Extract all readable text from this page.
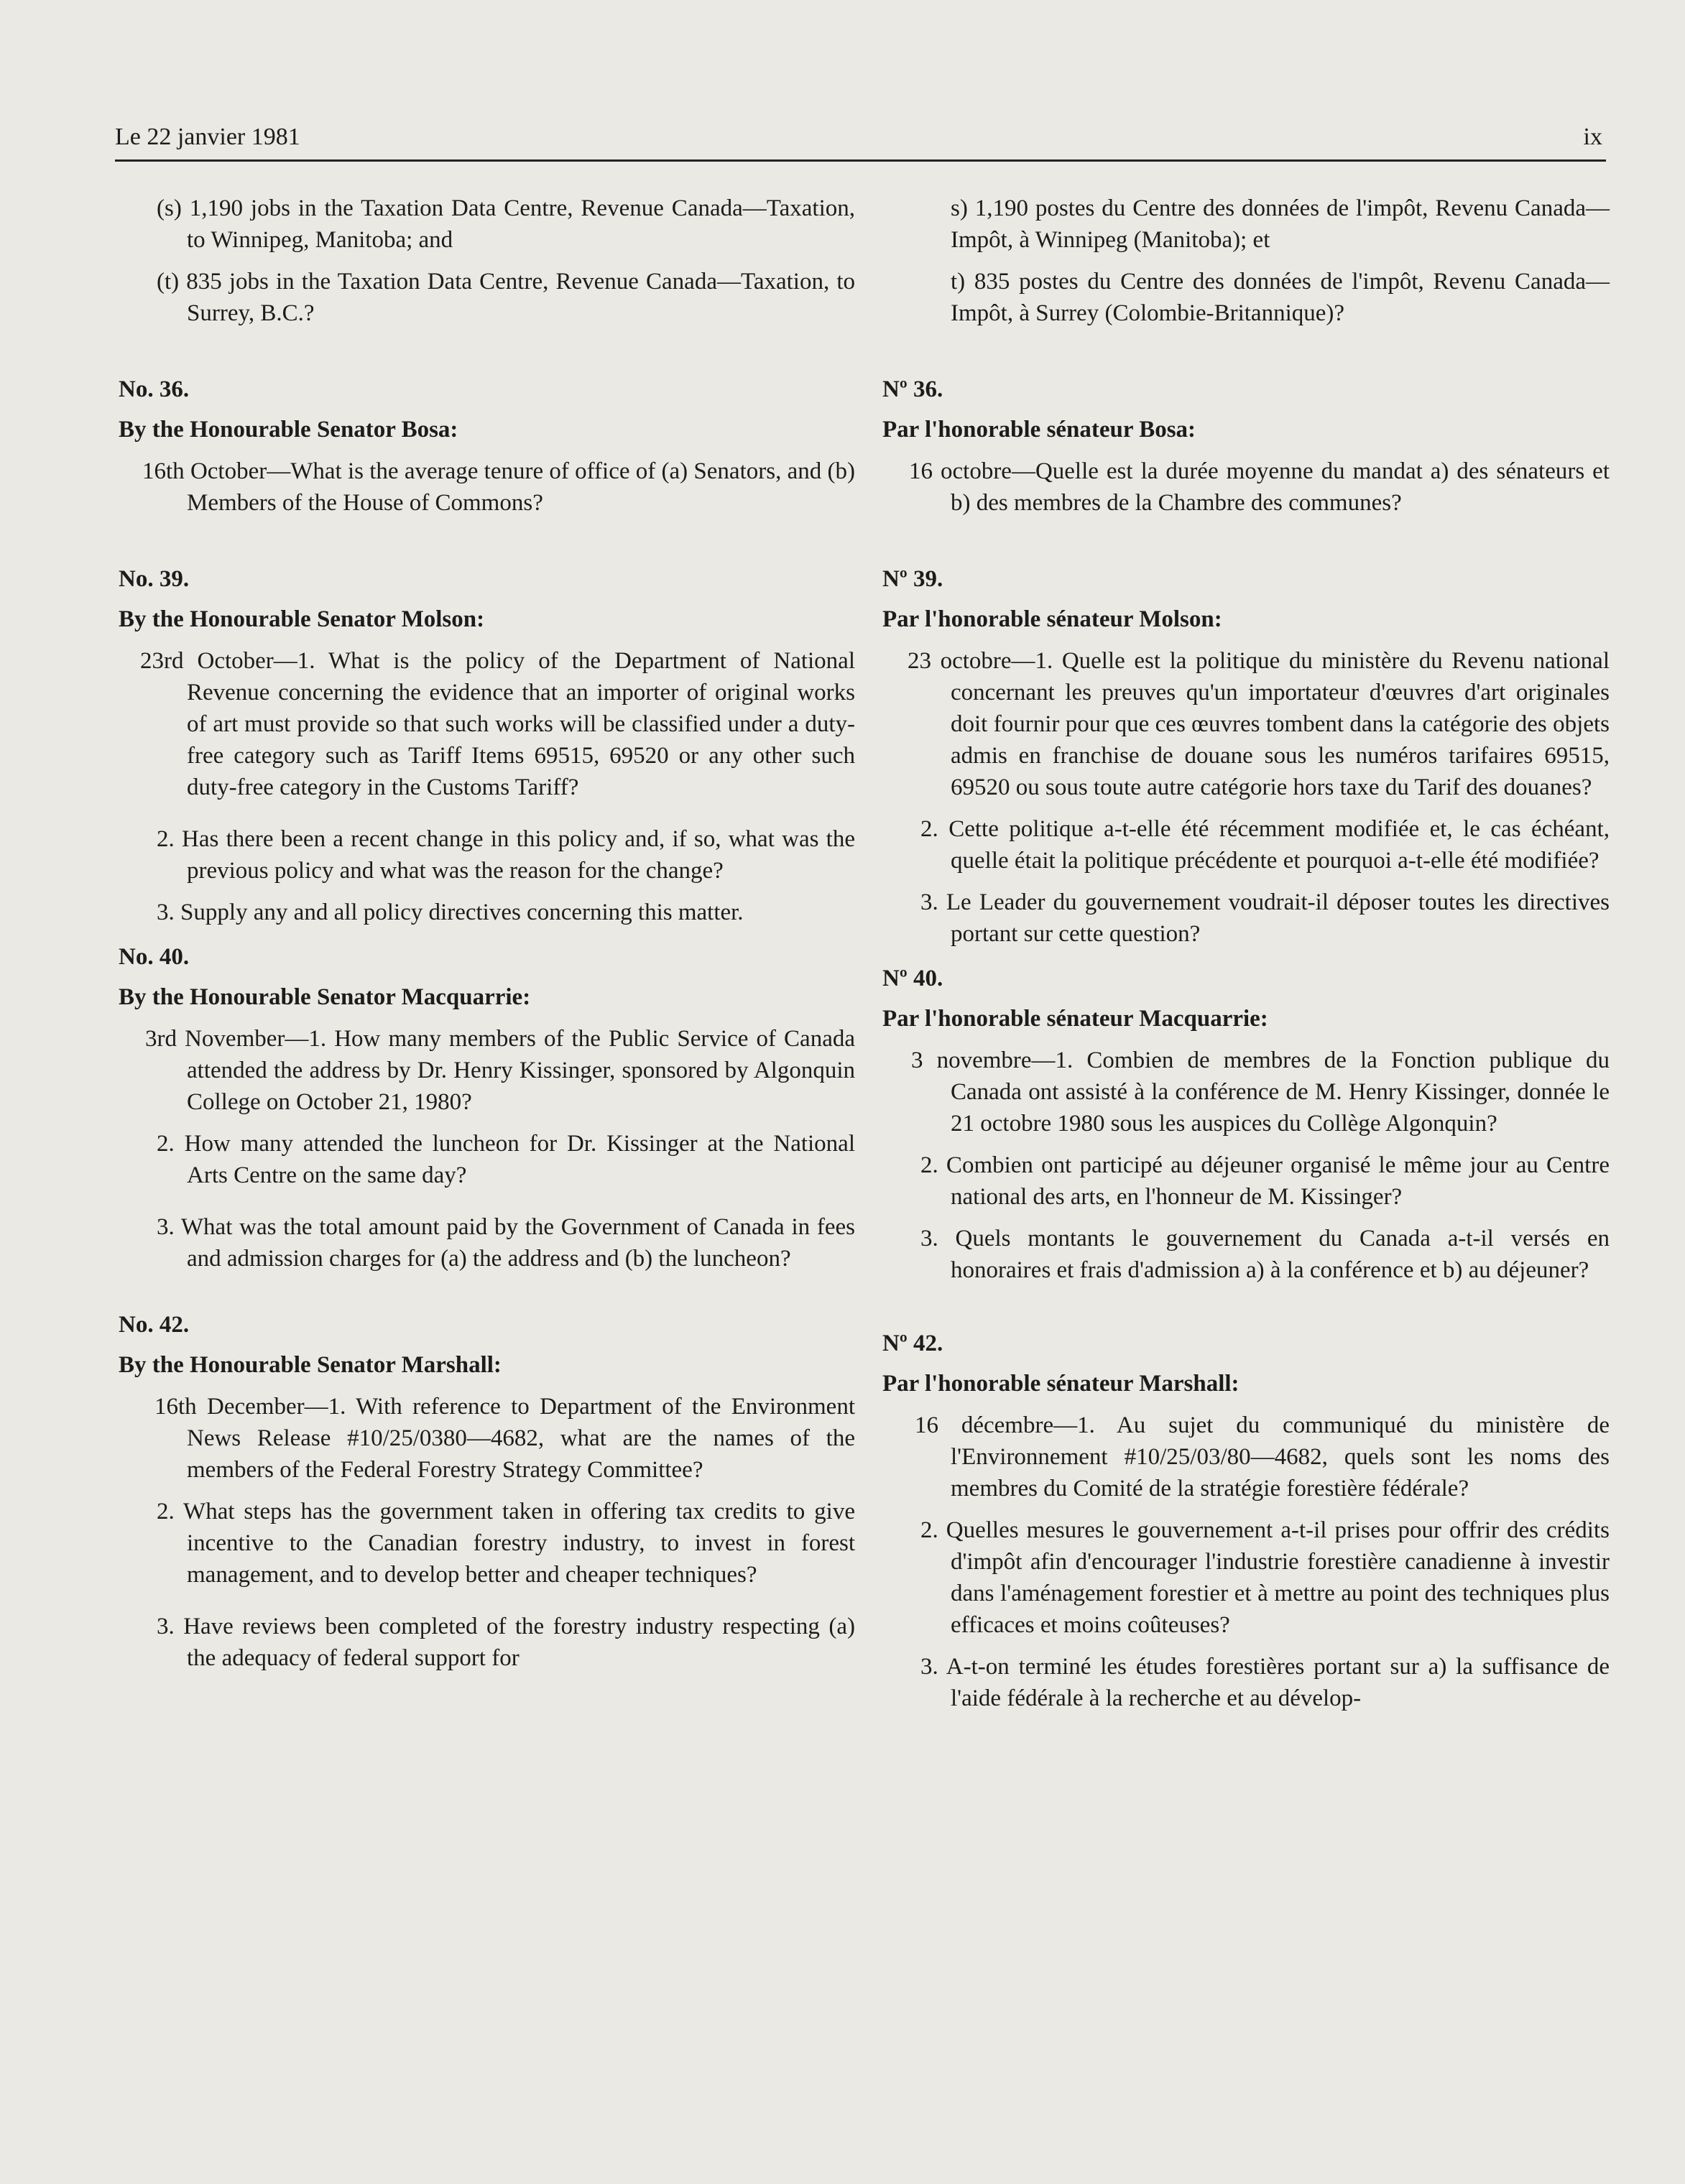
Le 22 janvier 1981	ix

(s) 1,190 jobs in the Taxation Data Centre, Revenue Canada—Taxation, to Winnipeg, Manitoba; and

(t) 835 jobs in the Taxation Data Centre, Revenue Canada—Taxation, to Surrey, B.C.?

No. 36.

By the Honourable Senator Bosa:

16th October—What is the average tenure of office of (a) Senators, and (b) Members of the House of Commons?

No. 39.

By the Honourable Senator Molson:

23rd October—1. What is the policy of the Department of National Revenue concerning the evidence that an importer of original works of art must provide so that such works will be classified under a duty-free category such as Tariff Items 69515, 69520 or any other such duty-free category in the Customs Tariff?

2. Has there been a recent change in this policy and, if so, what was the previous policy and what was the reason for the change?

3. Supply any and all policy directives concerning this matter.

No. 40.

By the Honourable Senator Macquarrie:

3rd November—1. How many members of the Public Service of Canada attended the address by Dr. Henry Kissinger, sponsored by Algonquin College on October 21, 1980?

2. How many attended the luncheon for Dr. Kissinger at the National Arts Centre on the same day?

3. What was the total amount paid by the Government of Canada in fees and admission charges for (a) the address and (b) the luncheon?

No. 42.

By the Honourable Senator Marshall:

16th December—1. With reference to Department of the Environment News Release #10/25/0380—4682, what are the names of the members of the Federal Forestry Strategy Committee?

2. What steps has the government taken in offering tax credits to give incentive to the Canadian forestry industry, to invest in forest management, and to develop better and cheaper techniques?

3. Have reviews been completed of the forestry industry respecting (a) the adequacy of federal support for

s) 1,190 postes du Centre des données de l'impôt, Revenu Canada—Impôt, à Winnipeg (Manitoba); et

t) 835 postes du Centre des données de l'impôt, Revenu Canada—Impôt, à Surrey (Colombie-Britannique)?

Nº 36.

Par l'honorable sénateur Bosa:

16 octobre—Quelle est la durée moyenne du mandat a) des sénateurs et b) des membres de la Chambre des communes?

Nº 39.

Par l'honorable sénateur Molson:

23 octobre—1. Quelle est la politique du ministère du Revenu national concernant les preuves qu'un importateur d'œuvres d'art originales doit fournir pour que ces œuvres tombent dans la catégorie des objets admis en franchise de douane sous les numéros tarifaires 69515, 69520 ou sous toute autre catégorie hors taxe du Tarif des douanes?

2. Cette politique a-t-elle été récemment modifiée et, le cas échéant, quelle était la politique précédente et pourquoi a-t-elle été modifiée?

3. Le Leader du gouvernement voudrait-il déposer toutes les directives portant sur cette question?

Nº 40.

Par l'honorable sénateur Macquarrie:

3 novembre—1. Combien de membres de la Fonction publique du Canada ont assisté à la conférence de M. Henry Kissinger, donnée le 21 octobre 1980 sous les auspices du Collège Algonquin?

2. Combien ont participé au déjeuner organisé le même jour au Centre national des arts, en l'honneur de M. Kissinger?

3. Quels montants le gouvernement du Canada a-t-il versés en honoraires et frais d'admission a) à la conférence et b) au déjeuner?

Nº 42.

Par l'honorable sénateur Marshall:

16 décembre—1. Au sujet du communiqué du ministère de l'Environnement #10/25/03/80—4682, quels sont les noms des membres du Comité de la stratégie forestière fédérale?

2. Quelles mesures le gouvernement a-t-il prises pour offrir des crédits d'impôt afin d'encourager l'industrie forestière canadienne à investir dans l'aménagement forestier et à mettre au point des techniques plus efficaces et moins coûteuses?

3. A-t-on terminé les études forestières portant sur a) la suffisance de l'aide fédérale à la recherche et au dévelop-
